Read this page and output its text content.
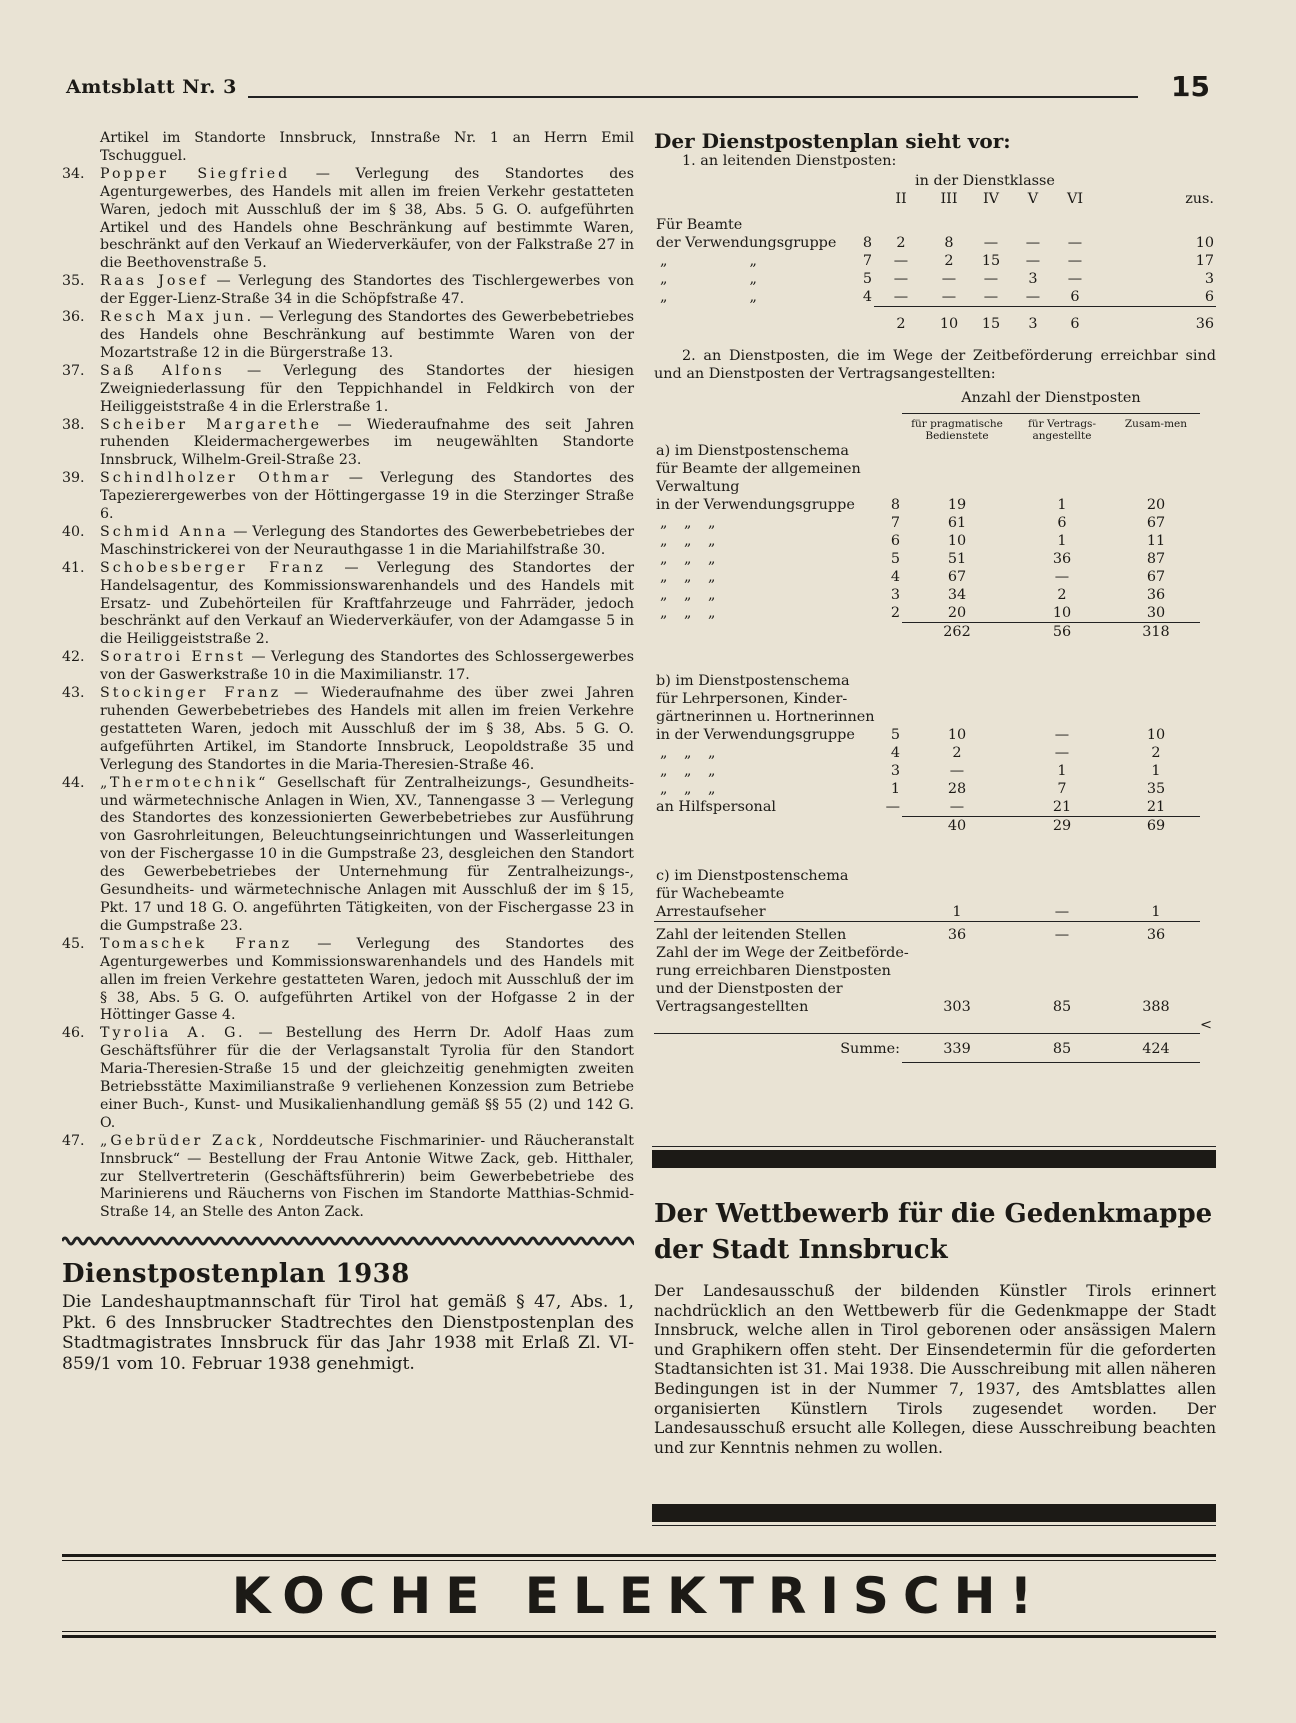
Amtsblatt Nr. 3	15
Artikel im Standorte Innsbruck, Innstraße Nr. 1 an Herrn Emil Tschugguel.
34.	Popper Siegfried — Verlegung des Standortes des Agenturgewerbes, des Handels mit allen im freien Verkehr gestatteten Waren, jedoch mit Ausschluß der im § 38, Abs. 5 G. O. aufgeführten Artikel und des Handels ohne Beschränkung auf bestimmte Waren, beschränkt auf den Verkauf an Wiederverkäufer, von der Falkstraße 27 in die Beethovenstraße 5.
35.	Raas Josef — Verlegung des Standortes des Tischlergewerbes von der Egger-Lienz-Straße 34 in die Schöpfstraße 47.
36.	Resch Max jun. — Verlegung des Standortes des Gewerbebetriebes des Handels ohne Beschränkung auf bestimmte Waren von der Mozartstraße 12 in die Bürgerstraße 13.
37.	Saß Alfons — Verlegung des Standortes der hiesigen Zweigniederlassung für den Teppichhandel in Feldkirch von der Heiliggeiststraße 4 in die Erlerstraße 1.
38.	Scheiber Margarethe — Wiederaufnahme des seit Jahren ruhenden Kleidermachergewerbes im neugewählten Standorte Innsbruck, Wilhelm-Greil-Straße 23.
39.	Schindlholzer Othmar — Verlegung des Standortes des Tapezierergewerbes von der Höttingergasse 19 in die Sterzinger Straße 6.
40.	Schmid Anna — Verlegung des Standortes des Gewerbebetriebes der Maschinstrickerei von der Neurauthgasse 1 in die Mariahilfstraße 30.
41.	Schobesberger Franz — Verlegung des Standortes der Handelsagentur, des Kommissionswarenhandels und des Handels mit Ersatz- und Zubehörteilen für Kraftfahrzeuge und Fahrräder, jedoch beschränkt auf den Verkauf an Wiederverkäufer, von der Adamgasse 5 in die Heiliggeiststraße 2.
42.	Soratroi Ernst — Verlegung des Standortes des Schlossergewerbes von der Gaswerkstraße 10 in die Maximilianstr. 17.
43.	Stockinger Franz — Wiederaufnahme des über zwei Jahren ruhenden Gewerbebetriebes des Handels mit allen im freien Verkehre gestatteten Waren, jedoch mit Ausschluß der im § 38, Abs. 5 G. O. aufgeführten Artikel, im Standorte Innsbruck, Leopoldstraße 35 und Verlegung des Standortes in die Maria-Theresien-Straße 46.
44.	„Thermotechnik“ Gesellschaft für Zentralheizungs-, Gesundheits- und wärmetechnische Anlagen in Wien, XV., Tannengasse 3 — Verlegung des Standortes des konzessionierten Gewerbebetriebes zur Ausführung von Gasrohrleitungen, Beleuchtungseinrichtungen und Wasserleitungen von der Fischergasse 10 in die Gumpstraße 23, desgleichen den Standort des Gewerbebetriebes der Unternehmung für Zentralheizungs-, Gesundheits- und wärmetechnische Anlagen mit Ausschluß der im § 15, Pkt. 17 und 18 G. O. angeführten Tätigkeiten, von der Fischergasse 23 in die Gumpstraße 23.
45.	Tomaschek Franz — Verlegung des Standortes des Agenturgewerbes und Kommissionswarenhandels und des Handels mit allen im freien Verkehre gestatteten Waren, jedoch mit Ausschluß der im § 38, Abs. 5 G. O. aufgeführten Artikel von der Hofgasse 2 in der Höttinger Gasse 4.
46.	Tyrolia A. G. — Bestellung des Herrn Dr. Adolf Haas zum Geschäftsführer für die der Verlagsanstalt Tyrolia für den Standort Maria-Theresien-Straße 15 und der gleichzeitig genehmigten zweiten Betriebsstätte Maximilianstraße 9 verliehenen Konzession zum Betriebe einer Buch-, Kunst- und Musikalienhandlung gemäß §§ 55 (2) und 142 G. O.
47.	„Gebrüder Zack, Norddeutsche Fischmarinier- und Räucheranstalt Innsbruck“ — Bestellung der Frau Antonie Witwe Zack, geb. Hitthaler, zur Stellvertreterin (Geschäftsführerin) beim Gewerbebetriebe des Marinierens und Räucherns von Fischen im Standorte Matthias-Schmid-Straße 14, an Stelle des Anton Zack.
Dienstpostenplan 1938
Die Landeshauptmannschaft für Tirol hat gemäß § 47, Abs. 1, Pkt. 6 des Innsbrucker Stadtrechtes den Dienstpostenplan des Stadtmagistrates Innsbruck für das Jahr 1938 mit Erlaß Zl. VI-859/1 vom 10. Februar 1938 genehmigt.
Der Dienstpostenplan sieht vor:
1. an leitenden Dienstposten:
		in der Dienstklasse					
		II	III	IV	V	VI	zus.
Für Beamte							
der Verwendungsgruppe	8	2	8	—	—	—	10
„ „	7	—	2	15	—	—	17
„ „	5	—	—	—	3	—	3
„ „	4	—	—	—	—	6	6
		2	10	15	3	6	36
2. an Dienstposten, die im Wege der Zeitbeförderung erreichbar sind und an Dienstposten der Vertragsangestellten:
		Anzahl der Dienstposten		
		für pragmatische Bedienstete	für Vertrags-angestellte	Zusam-men
a) im Dienstpostenschema				
für Beamte der allgemeinen				
Verwaltung				
in der Verwendungsgruppe	8	19	1	20
„ „ „	7	61	6	67
„ „ „	6	10	1	11
„ „ „	5	51	36	87
„ „ „	4	67	—	67
„ „ „	3	34	2	36
„ „ „	2	20	10	30
		262	56	318

b) im Dienstpostenschema				
für Lehrpersonen, Kinder-				
gärtnerinnen u. Hortnerinnen				
in der Verwendungsgruppe	5	10	—	10
„ „ „	4	2	—	2
„ „ „	3	—	1	1
„ „ „	1	28	7	35
an Hilfspersonal	—	—	21	21
		40	29	69

c) im Dienstpostenschema				
für Wachebeamte				
Arrestaufseher		1	—	1

Zahl der leitenden Stellen		36	—	36
Zahl der im Wege der Zeitbeförde-				
rung erreichbaren Dienstposten				
und der Dienstposten der				
Vertragsangestellten		303	85	388
	<
Summe:		339	85	424
Der Wettbewerb für die Gedenkmappe
der Stadt Innsbruck
Der Landesausschuß der bildenden Künstler Tirols erinnert nachdrücklich an den Wettbewerb für die Gedenkmappe der Stadt Innsbruck, welche allen in Tirol geborenen oder ansässigen Malern und Graphikern offen steht. Der Einsendetermin für die geforderten Stadtansichten ist 31. Mai 1938. Die Ausschreibung mit allen näheren Bedingungen ist in der Nummer 7, 1937, des Amtsblattes allen organisierten Künstlern Tirols zugesendet worden. Der Landesausschuß ersucht alle Kollegen, diese Ausschreibung beachten und zur Kenntnis nehmen zu wollen.
KOCHE ELEKTRISCH!
